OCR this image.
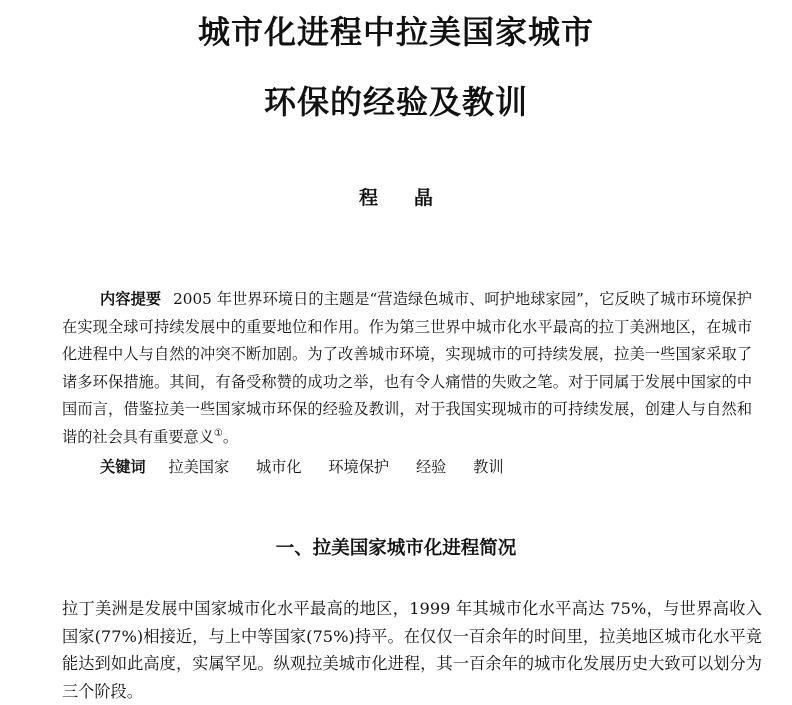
城市化进程中拉美国家城市
环保的经验及教训
程晶

内容提要 2005 年世界环境日的主题是“营造绿色城市、呵护地球家园”，它反映了城市环境保护在实现全球可持续发展中的重要地位和作用。作为第三世界中城市化水平最高的拉丁美洲地区，在城市化进程中人与自然的冲突不断加剧。为了改善城市环境，实现城市的可持续发展，拉美一些国家采取了诸多环保措施。其间，有备受称赞的成功之举，也有令人痛惜的失败之笔。对于同属于发展中国家的中国而言，借鉴拉美一些国家城市环保的经验及教训，对于我国实现城市的可持续发展，创建人与自然和谐的社会具有重要意义①。

关键词 拉美国家 城市化 环境保护 经验 教训

一、拉美国家城市化进程简况

拉丁美洲是发展中国家城市化水平最高的地区，1999 年其城市化水平高达 75%，与世界高收入国家(77%)相接近，与上中等国家(75%)持平。在仅仅一百余年的时间里，拉美地区城市化水平竟能达到如此高度，实属罕见。纵观拉美城市化进程，其一百余年的城市化发展历史大致可以划分为三个阶段。
